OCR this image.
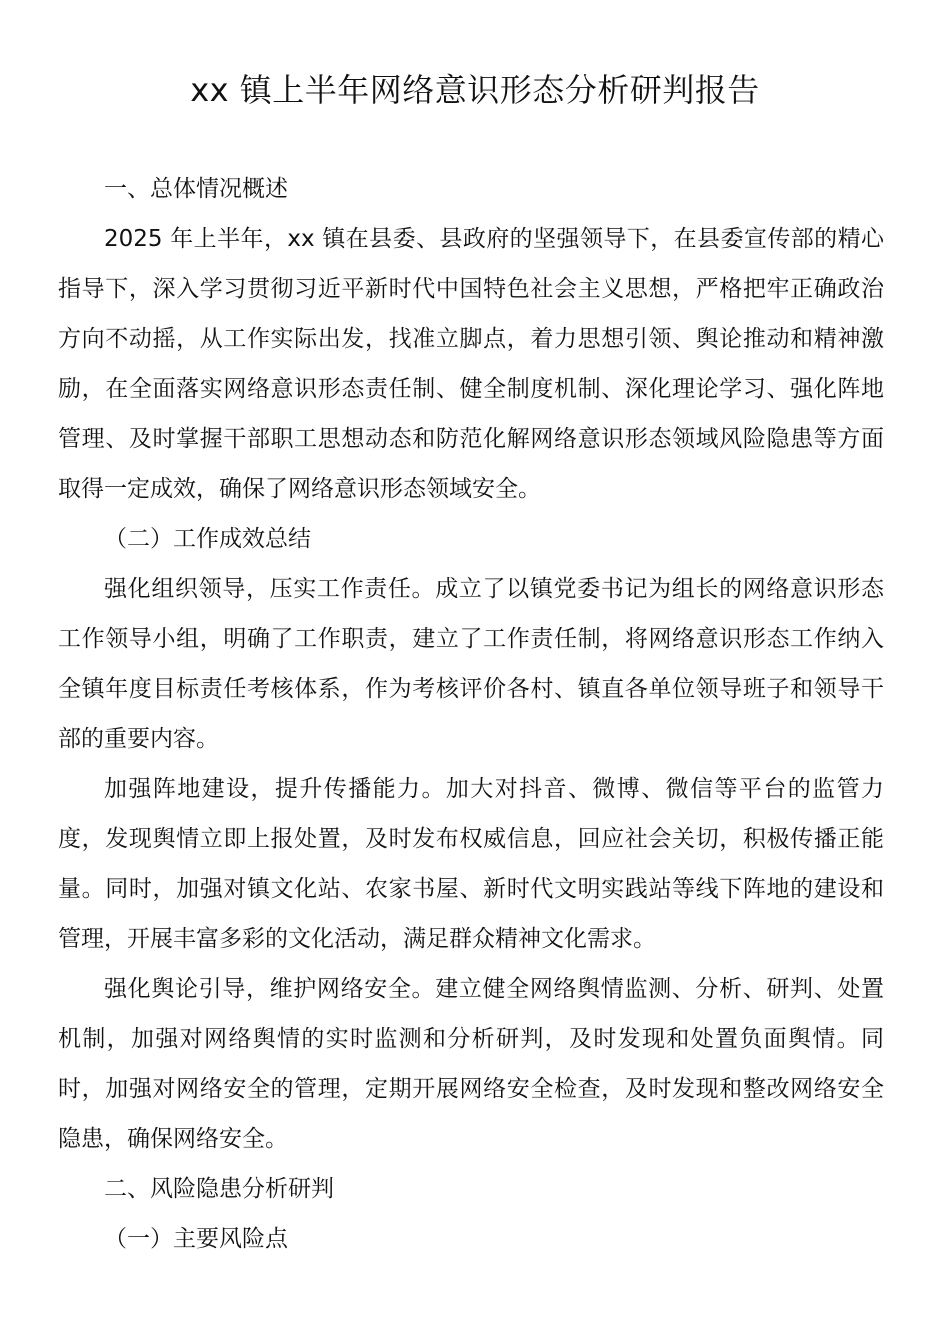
xx 镇上半年网络意识形态分析研判报告

一、总体情况概述

2025 年上半年，xx 镇在县委、县政府的坚强领导下，在县委宣传部的精心指导下，深入学习贯彻习近平新时代中国特色社会主义思想，严格把牢正确政治方向不动摇，从工作实际出发，找准立脚点，着力思想引领、舆论推动和精神激励，在全面落实网络意识形态责任制、健全制度机制、深化理论学习、强化阵地管理、及时掌握干部职工思想动态和防范化解网络意识形态领域风险隐患等方面取得一定成效，确保了网络意识形态领域安全。

（二）工作成效总结

强化组织领导，压实工作责任。成立了以镇党委书记为组长的网络意识形态工作领导小组，明确了工作职责，建立了工作责任制，将网络意识形态工作纳入全镇年度目标责任考核体系，作为考核评价各村、镇直各单位领导班子和领导干部的重要内容。

加强阵地建设，提升传播能力。加大对抖音、微博、微信等平台的监管力度，发现舆情立即上报处置，及时发布权威信息，回应社会关切，积极传播正能量。同时，加强对镇文化站、农家书屋、新时代文明实践站等线下阵地的建设和管理，开展丰富多彩的文化活动，满足群众精神文化需求。

强化舆论引导，维护网络安全。建立健全网络舆情监测、分析、研判、处置机制，加强对网络舆情的实时监测和分析研判，及时发现和处置负面舆情。同时，加强对网络安全的管理，定期开展网络安全检查，及时发现和整改网络安全隐患，确保网络安全。

二、风险隐患分析研判

（一）主要风险点
